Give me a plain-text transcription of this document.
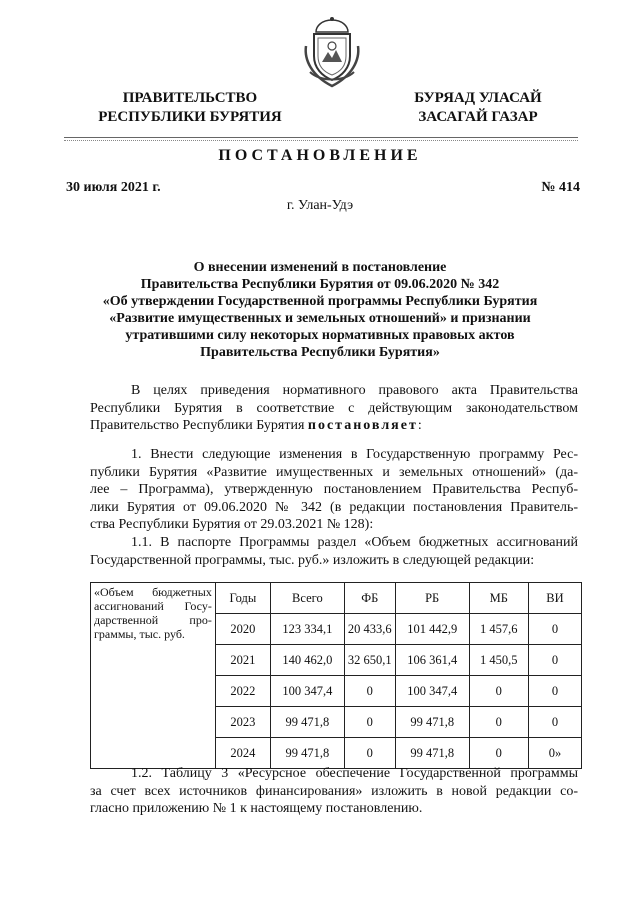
ПРАВИТЕЛЬСТВО
РЕСПУБЛИКИ БУРЯТИЯ
БУРЯАД УЛАСАЙ
ЗАСАГАЙ ГАЗАР
ПОСТАНОВЛЕНИЕ
30 июля 2021 г.	№ 414
г. Улан-Удэ
О внесении изменений в постановление
Правительства Республики Бурятия от 09.06.2020 № 342
«Об утверждении Государственной программы Республики Бурятия
«Развитие имущественных и земельных отношений» и признании
утратившими силу некоторых нормативных правовых актов
Правительства Республики Бурятия»
В целях приведения нормативного правового акта Правительства
Республики Бурятия в соответствие с действующим законодательством
Правительство Республики Бурятия постановляет:
1. Внести следующие изменения в Государственную программу Рес-
публики Бурятия «Развитие имущественных и земельных отношений» (да-
лее – Программа), утвержденную постановлением Правительства Респуб-
лики Бурятия от 09.06.2020 № 342 (в редакции постановления Правитель-
ства Республики Бурятия от 29.03.2021 № 128):
1.1. В паспорте Программы раздел «Объем бюджетных ассигнований
Государственной программы, тыс. руб.» изложить в следующей редакции:
«Объем бюджетных
ассигнований Госу-
дарственной про-
граммы, тыс. руб.	Годы	Всего	ФБ	РБ	МБ	ВИ
	2020	123 334,1	20 433,6	101 442,9	1 457,6	0
	2021	140 462,0	32 650,1	106 361,4	1 450,5	0
	2022	100 347,4	0	100 347,4	0	0
	2023	99 471,8	0	99 471,8	0	0
	2024	99 471,8	0	99 471,8	0	0»
1.2. Таблицу 3 «Ресурсное обеспечение Государственной программы
за счет всех источников финансирования» изложить в новой редакции со-
гласно приложению № 1 к настоящему постановлению.
